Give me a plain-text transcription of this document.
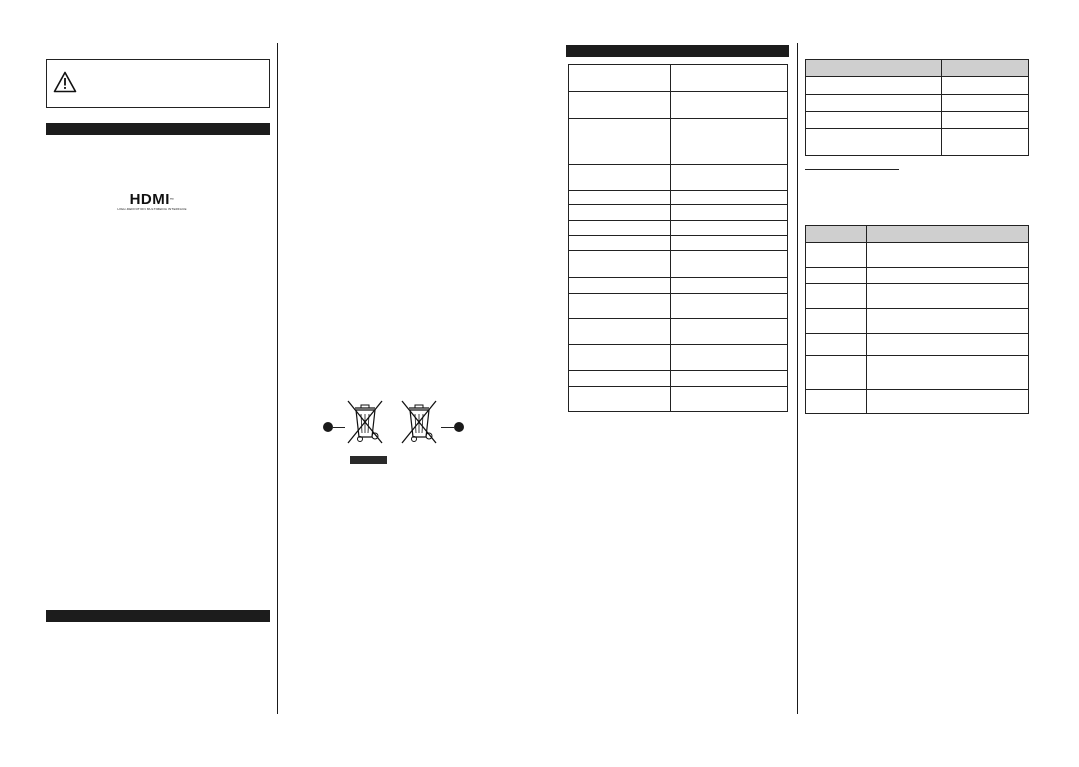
HDMI™
HIGH-DEFINITION MULTIMEDIA INTERFACE
